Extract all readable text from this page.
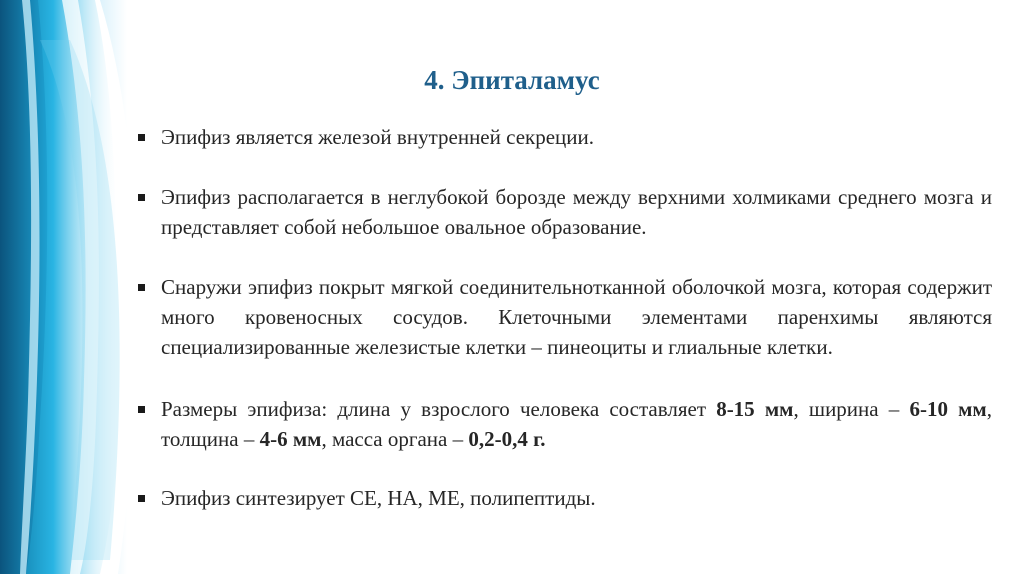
4. Эпиталамус
Эпифиз является железой внутренней секреции.
Эпифиз располагается в неглубокой борозде между верхними холмиками среднего мозга и представляет собой небольшое овальное образование.
Снаружи эпифиз покрыт мягкой соединительнотканной оболочкой мозга, которая содержит много кровеносных сосудов. Клеточными элементами паренхимы являются специализированные железистые клетки – пинеоциты и глиальные клетки.
Размеры эпифиза: длина у взрослого человека составляет 8-15 мм, ширина – 6-10 мм, толщина – 4-6 мм, масса органа – 0,2-0,4 г.
Эпифиз синтезирует СЕ, НА, МЕ, полипептиды.
